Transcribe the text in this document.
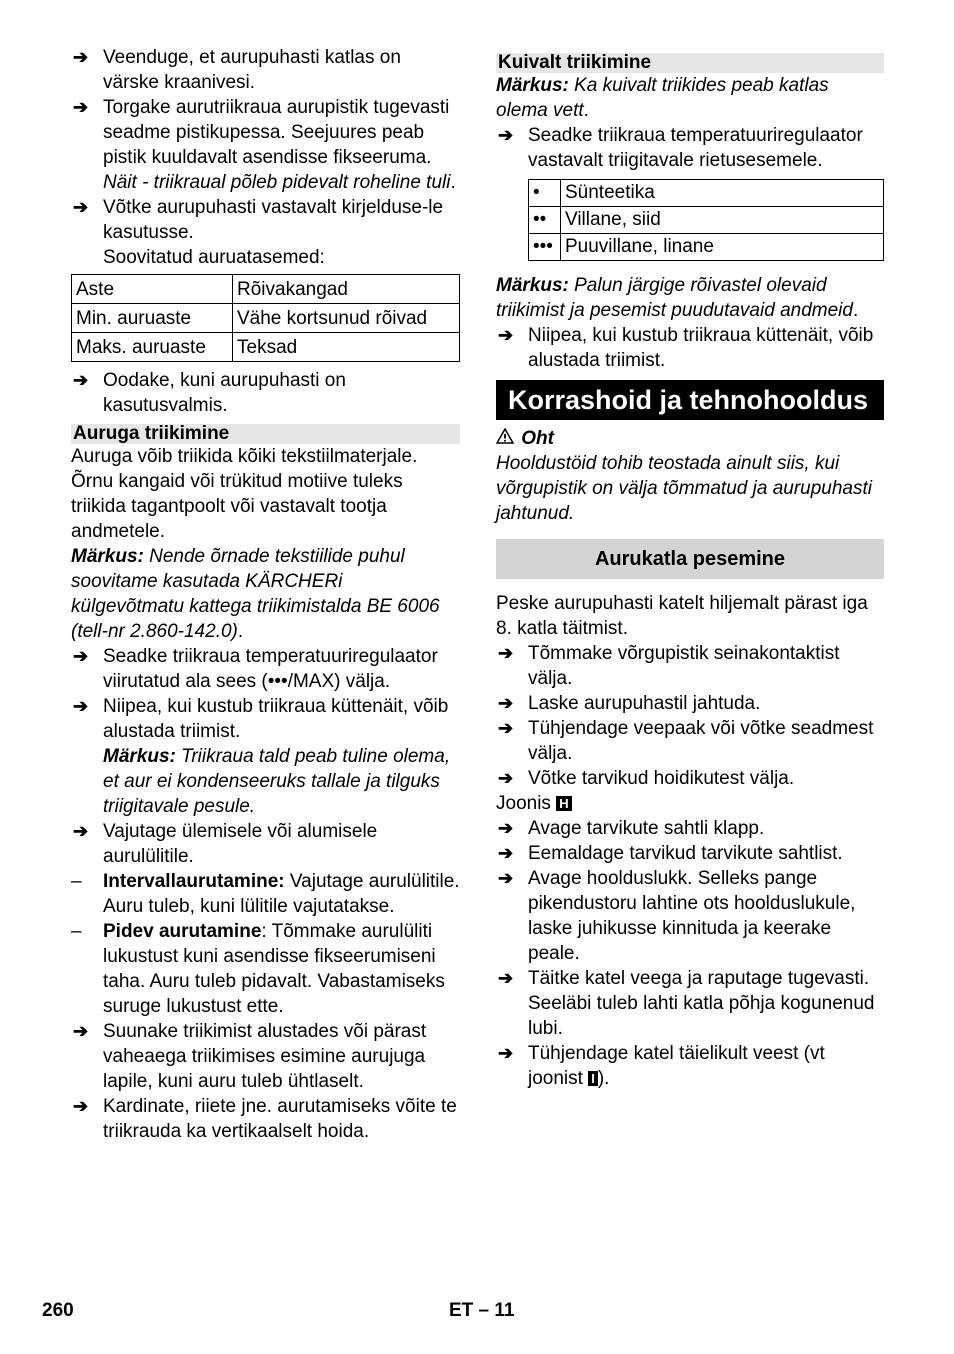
➔ Veenduge, et aurupuhasti katlas on värske kraanivesi.
➔ Torgake aurutriikraua aurupistik tugevasti seadme pistikupessa. Seejuures peab pistik kuuldavalt asendisse fikseeruma.
Näit - triikraual põleb pidevalt roheline tuli.
➔ Võtke aurupuhasti vastavalt kirjelduse-le kasutusse.
Soovitatud auruatasemed:
Aste	Rõivakangad
Min. auruaste	Vähe kortsunud rõivad
Maks. auruaste	Teksad
➔ Oodake, kuni aurupuhasti on kasutusvalmis.
Auruga triikimine
Auruga võib triikida kõiki tekstiilmaterjale. Õrnu kangaid või trükitud motiive tuleks triikida tagantpoolt või vastavalt tootja andmetele.
Märkus: Nende õrnade tekstiilide puhul soovitame kasutada KÄRCHERi külgevõtmatu kattega triikimistalda BE 6006 (tell-nr 2.860-142.0).
➔ Seadke triikraua temperatuuriregulaator viirutatud ala sees (•••/MAX) välja.
➔ Niipea, kui kustub triikraua küttenäit, võib alustada triimist.
Märkus: Triikraua tald peab tuline olema, et aur ei kondenseeruks tallale ja tilguks triigitavale pesule.
➔ Vajutage ülemisele või alumisele aurulülitile.
– Intervallaurutamine: Vajutage aurulülitile. Auru tuleb, kuni lülitile vajutatakse.
– Pidev aurutamine: Tõmmake aurulüliti lukustust kuni asendisse fikseerumiseni taha. Auru tuleb pidavalt. Vabastamiseks suruge lukustust ette.
➔ Suunake triikimist alustades või pärast vaheaega triikimises esimine aurujuga lapile, kuni auru tuleb ühtlaselt.
➔ Kardinate, riiete jne. aurutamiseks võite te triikrauda ka vertikaalselt hoida.
Kuivalt triikimine
Märkus: Ka kuivalt triikides peab katlas olema vett.
➔ Seadke triikraua temperatuuriregulaator vastavalt triigitavale rietusesemele.
•	Sünteetika
••	Villane, siid
•••	Puuvillane, linane
Märkus: Palun järgige rõivastel olevaid triikimist ja pesemist puudutavaid andmeid.
➔ Niipea, kui kustub triikraua küttenäit, võib alustada triimist.
Korrashoid ja tehnohooldus
Oht
Hooldustöid tohib teostada ainult siis, kui võrgupistik on välja tõmmatud ja aurupuhasti jahtunud.
Aurukatla pesemine
Peske aurupuhasti katelt hiljemalt pärast iga 8. katla täitmist.
➔ Tõmmake võrgupistik seinakontaktist välja.
➔ Laske aurupuhastil jahtuda.
➔ Tühjendage veepaak või võtke seadmest välja.
➔ Võtke tarvikud hoidikutest välja.
Joonis H
➔ Avage tarvikute sahtli klapp.
➔ Eemaldage tarvikud tarvikute sahtlist.
➔ Avage hoolduslukk. Selleks pange pikendustoru lahtine ots hoolduslukule, laske juhikusse kinnituda ja keerake peale.
➔ Täitke katel veega ja raputage tugevasti. Seeläbi tuleb lahti katla põhja kogunenud lubi.
➔ Tühjendage katel täielikult veest (vt joonist I ).
260	ET – 11
